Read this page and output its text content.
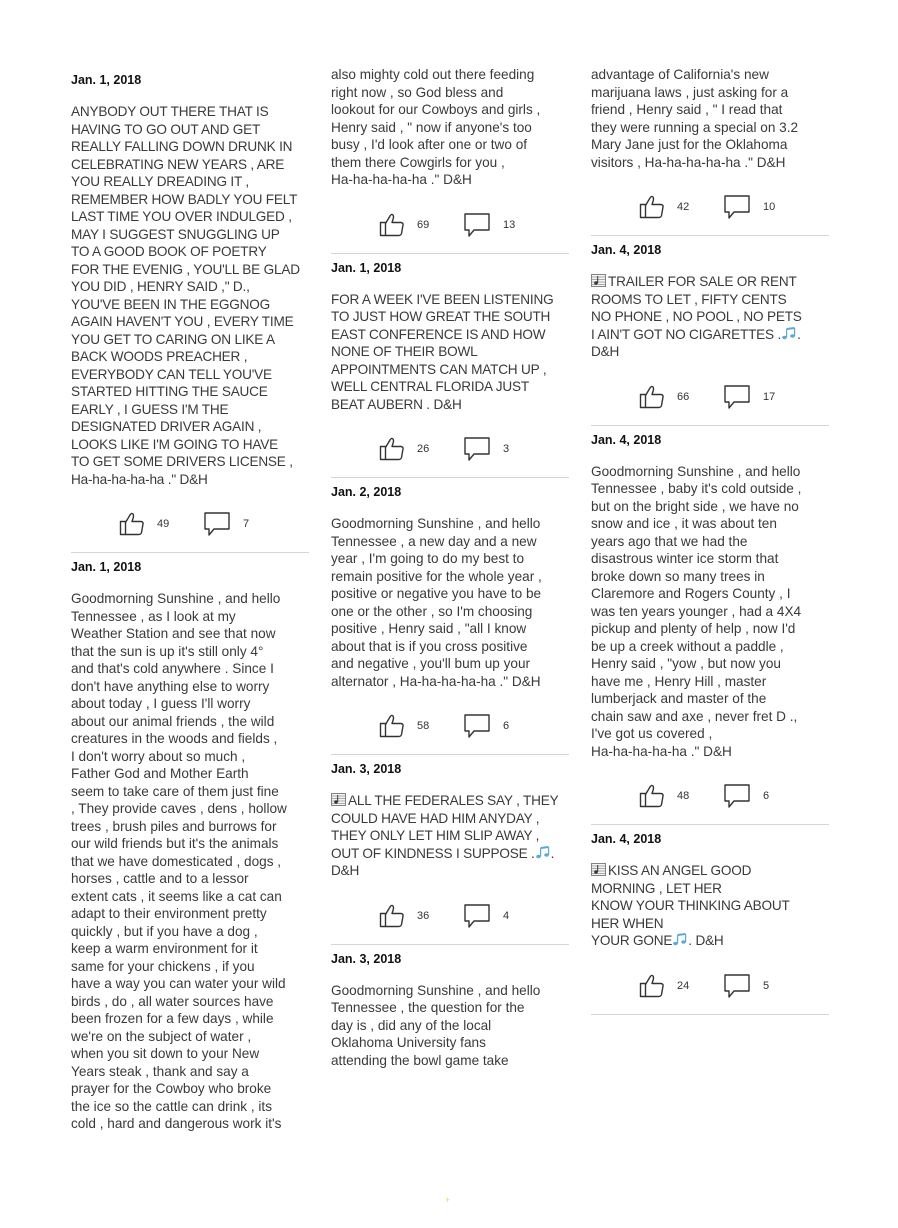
Jan. 1, 2018
ANYBODY OUT THERE THAT IS
HAVING TO GO OUT AND GET
REALLY FALLING DOWN DRUNK IN
CELEBRATING NEW YEARS , ARE
YOU REALLY DREADING IT ,
REMEMBER HOW BADLY YOU FELT
LAST TIME YOU OVER INDULGED ,
MAY I SUGGEST SNUGGLING UP
TO A GOOD BOOK OF POETRY
FOR THE EVENIG , YOU'LL BE GLAD
YOU DID , HENRY SAID ," D.,
YOU'VE BEEN IN THE EGGNOG
AGAIN HAVEN'T YOU , EVERY TIME
YOU GET TO CARING ON LIKE A
BACK WOODS PREACHER ,
EVERYBODY CAN TELL YOU'VE
STARTED HITTING THE SAUCE
EARLY , I GUESS I'M THE
DESIGNATED DRIVER AGAIN ,
LOOKS LIKE I'M GOING TO HAVE
TO GET SOME DRIVERS LICENSE ,
Ha-ha-ha-ha-ha ." D&H
49	7
Jan. 1, 2018
Goodmorning Sunshine , and hello
Tennessee , as I look at my
Weather Station and see that now
that the sun is up it's still only 4°
and that's cold anywhere . Since I
don't have anything else to worry
about today , I guess I'll worry
about our animal friends , the wild
creatures in the woods and fields ,
I don't worry about so much ,
Father God and Mother Earth
seem to take care of them just fine
, They provide caves , dens , hollow
trees , brush piles and burrows for
our wild friends but it's the animals
that we have domesticated , dogs ,
horses , cattle and to a lessor
extent cats , it seems like a cat can
adapt to their environment pretty
quickly , but if you have a dog ,
keep a warm environment for it
same for your chickens , if you
have a way you can water your wild
birds , do , all water sources have
been frozen for a few days , while
we're on the subject of water ,
when you sit down to your New
Years steak , thank and say a
prayer for the Cowboy who broke
the ice so the cattle can drink , its
cold , hard and dangerous work it's
also mighty cold out there feeding
right now , so God bless and
lookout for our Cowboys and girls ,
Henry said , " now if anyone's too
busy , I'd look after one or two of
them there Cowgirls for you ,
Ha-ha-ha-ha-ha ." D&H
69	13
Jan. 1, 2018
FOR A WEEK I'VE BEEN LISTENING
TO JUST HOW GREAT THE SOUTH
EAST CONFERENCE IS AND HOW
NONE OF THEIR BOWL
APPOINTMENTS CAN MATCH UP ,
WELL CENTRAL FLORIDA JUST
BEAT AUBERN . D&H
26	3
Jan. 2, 2018
Goodmorning Sunshine , and hello
Tennessee , a new day and a new
year , I'm going to do my best to
remain positive for the whole year ,
positive or negative you have to be
one or the other , so I'm choosing
positive , Henry said , "all I know
about that is if you cross positive
and negative , you'll bum up your
alternator , Ha-ha-ha-ha-ha ." D&H
58	6
Jan. 3, 2018
ALL THE FEDERALES SAY , THEY
COULD HAVE HAD HIM ANYDAY ,
THEY ONLY LET HIM SLIP AWAY ,
OUT OF KINDNESS I SUPPOSE . .
D&H
36	4
Jan. 3, 2018
Goodmorning Sunshine , and hello
Tennessee , the question for the
day is , did any of the local
Oklahoma University fans
attending the bowl game take
advantage of California's new
marijuana laws , just asking for a
friend , Henry said , " I read that
they were running a special on 3.2
Mary Jane just for the Oklahoma
visitors , Ha-ha-ha-ha-ha ." D&H
42	10
Jan. 4, 2018
TRAILER FOR SALE OR RENT
ROOMS TO LET , FIFTY CENTS
NO PHONE , NO POOL , NO PETS
I AIN'T GOT NO CIGARETTES . .
D&H
66	17
Jan. 4, 2018
Goodmorning Sunshine , and hello
Tennessee , baby it's cold outside ,
but on the bright side , we have no
snow and ice , it was about ten
years ago that we had the
disastrous winter ice storm that
broke down so many trees in
Claremore and Rogers County , I
was ten years younger , had a 4X4
pickup and plenty of help , now I'd
be up a creek without a paddle ,
Henry said , "yow , but now you
have me , Henry Hill , master
lumberjack and master of the
chain saw and axe , never fret D .,
I've got us covered ,
Ha-ha-ha-ha-ha ." D&H
48	6
Jan. 4, 2018
KISS AN ANGEL GOOD
MORNING , LET HER
KNOW YOUR THINKING ABOUT
HER WHEN
YOUR GONE . D&H
24	5
+
